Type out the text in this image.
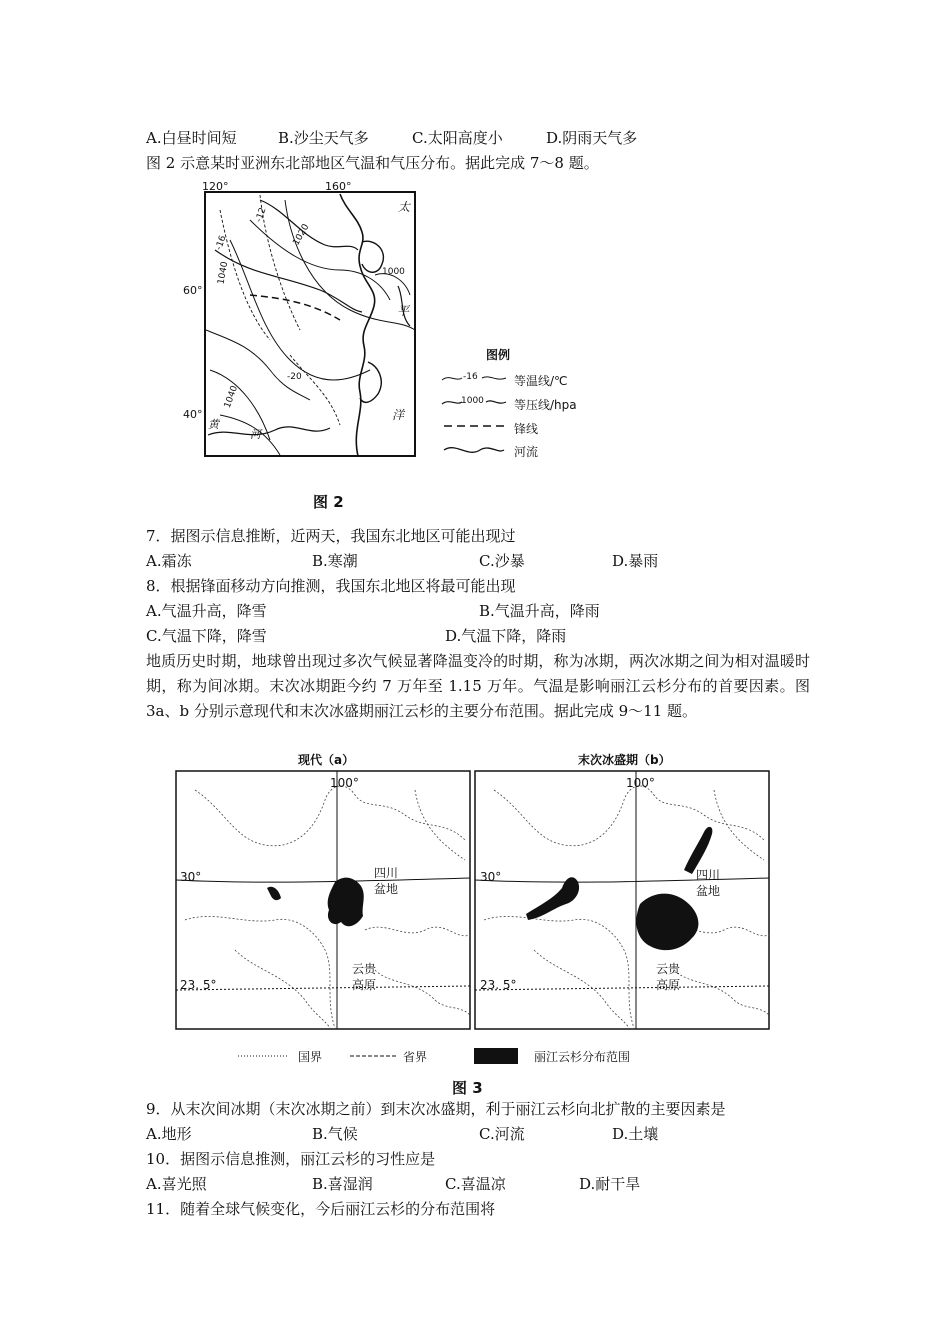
A.白昼时间短	B.沙尘天气多	C.太阳高度小	D.阴雨天气多
图 2 示意某时亚洲东北部地区气温和气压分布。据此完成 7～8 题。
120°	160°
60°
40°
-12
-16
-20
1020
1040	1000
1040
太
平
洋
黄
河
图例
-16
1000
等温线/℃
等压线/hpa
锋线
河流
图 2
7．据图示信息推断，近两天，我国东北地区可能出现过
A.霜冻	B.寒潮	C.沙暴	D.暴雨
8．根据锋面移动方向推测，我国东北地区将最可能出现
A.气温升高，降雪	B.气温升高，降雨
C.气温下降，降雪	D.气温下降，降雨
地质历史时期，地球曾出现过多次气候显著降温变冷的时期，称为冰期，两次冰期之间为相对温暖时期，称为间冰期。末次冰期距今约 7 万年至 1.15 万年。气温是影响丽江云杉分布的首要因素。图 3a、b 分别示意现代和末次冰盛期丽江云杉的主要分布范围。据此完成 9～11 题。
现代（a）	末次冰盛期（b）
100°
30°
23. 5°
四川
盆地
云贵
高原
100°
30°
23. 5°
四川
盆地
云贵
高原
国界	省界	丽江云杉分布范围
图 3
9．从末次间冰期（末次冰期之前）到末次冰盛期，利于丽江云杉向北扩散的主要因素是
A.地形	B.气候	C.河流	D.土壤
10．据图示信息推测，丽江云杉的习性应是
A.喜光照	B.喜湿润	C.喜温凉	D.耐干旱
11．随着全球气候变化，今后丽江云杉的分布范围将
